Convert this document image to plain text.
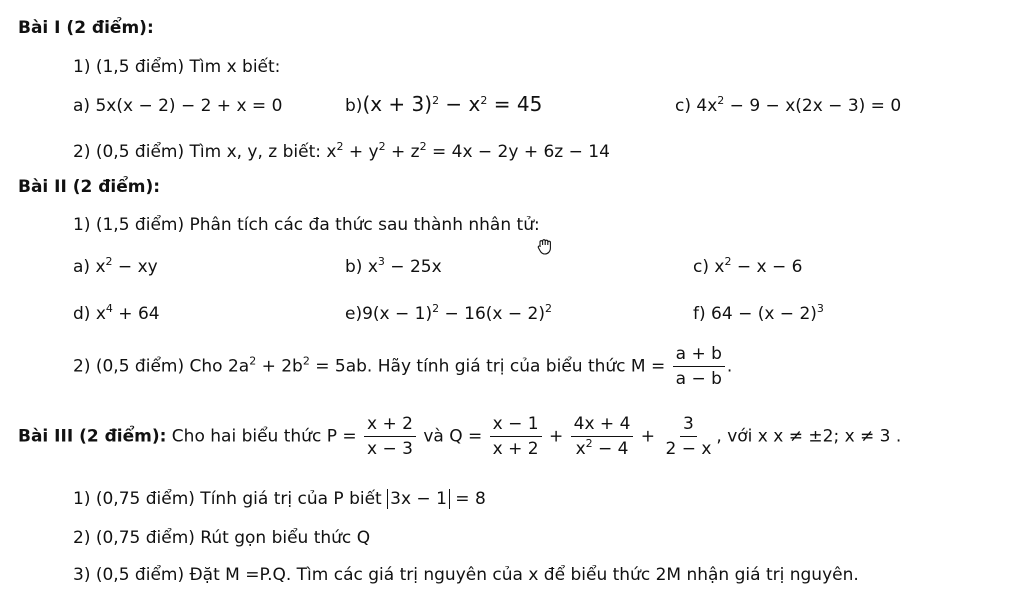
Bài I (2 điểm):
1) (1,5 điểm) Tìm x biết:
a) 5x(x − 2) − 2 + x = 0	$b)(x + 3)^2 - x^2 = 45$	c) $4x^2 - 9 - x(2x - 3) = 0$
2) (0,5 điểm) Tìm x, y, z biết: $x^2 + y^2 + z^2 = 4x - 2y + 6z - 14$
Bài II (2 điểm):
1) (1,5 điểm) Phân tích các đa thức sau thành nhân tử:
a) $x^2$ − xy	b) $x^3 - 25x$	c) $x^2 - x - 6$
d) $x^4 + 64$	$e)9(x - 1)^2 - 16(x - 2)^2$	f) $64 - (x - 2)^3$
2) (0,5 điểm) Cho $2a^2 + 2b^2 = 5ab$. Hãy tính giá trị của biểu thức $M = \frac{a + b}{a - b}$ .
Bài III (2 điểm): Cho hai biểu thức $P = \frac{x + 2}{x - 3}$ và $Q = \frac{x - 1}{x + 2} + \frac{4x + 4}{x^2 - 4} + \frac{3}{2 - x}$ , với x x ≠ ±2; x ≠ 3 .
1) (0,75 điểm) Tính giá trị của P biết 3x − 1 = 8
2) (0,75 điểm) Rút gọn biểu thức Q
3) (0,5 điểm) Đặt M =P.Q. Tìm các giá trị nguyên của x để biểu thức 2M nhận giá trị nguyên.
